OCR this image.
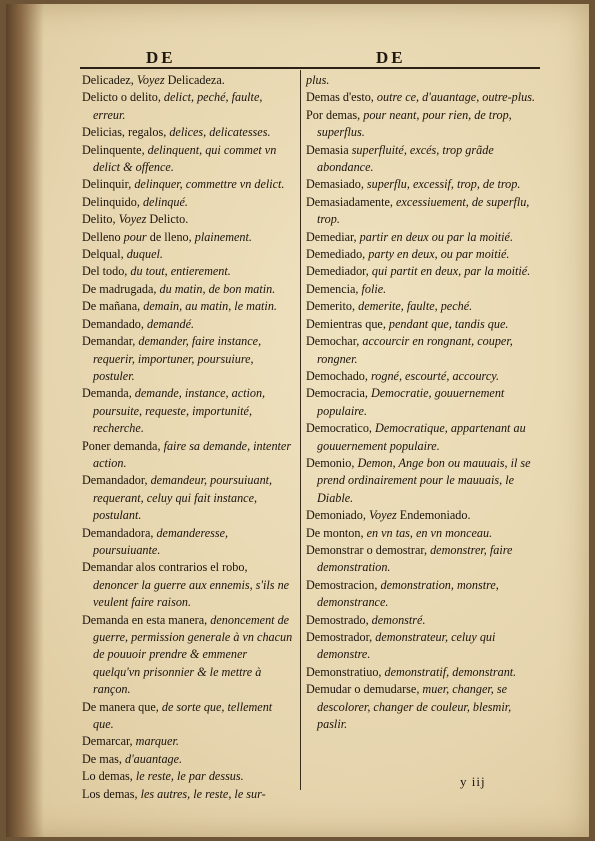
DE	DE

Delicadez, Voyez Delicadeza.

Delicto o delito, delict, peché, faulte, erreur.

Delicias, regalos, delices, delicatesses.

Delinquente, delinquent, qui commet vn delict & offence.

Delinquir, delinquer, commettre vn delict.

Delinquido, delinqué.

Delito, Voyez Delicto.

Delleno pour de lleno, plainement.

Delqual, duquel.

Del todo, du tout, entierement.

De madrugada, du matin, de bon matin.

De mañana, demain, au matin, le matin.

Demandado, demandé.

Demandar, demander, faire instance, requerir, importuner, poursuiure, postuler.

Demanda, demande, instance, action, poursuite, requeste, importunité, recherche.

Poner demanda, faire sa demande, intenter action.

Demandador, demandeur, poursuiuant, requerant, celuy qui fait instance, postulant.

Demandadora, demanderesse, poursuiuante.

Demandar alos contrarios el robo, denoncer la guerre aux ennemis, s'ils ne veulent faire raison.

Demanda en esta manera, denoncement de guerre, permission generale à vn chacun de pouuoir prendre & emmener quelqu'vn prisonnier & le mettre à rançon.

De manera que, de sorte que, tellement que.

Demarcar, marquer.

De mas, d'auantage.

Lo demas, le reste, le par dessus.

Los demas, les autres, le reste, le sur-

plus.

Demas d'esto, outre ce, d'auantage, outre-plus.

Por demas, pour neant, pour rien, de trop, superflus.

Demasia superfluité, excés, trop grãde abondance.

Demasiado, superflu, excessif, trop, de trop.

Demasiadamente, excessiuement, de superflu, trop.

Demediar, partir en deux ou par la moitié.

Demediado, party en deux, ou par moitié.

Demediador, qui partit en deux, par la moitié.

Demencia, folie.

Demerito, demerite, faulte, peché.

Demientras que, pendant que, tandis que.

Demochar, accourcir en rongnant, couper, rongner.

Demochado, rogné, escourté, accourcy.

Democracia, Democratie, gouuernement populaire.

Democratico, Democratique, appartenant au gouuernement populaire.

Demonio, Demon, Ange bon ou mauuais, il se prend ordinairement pour le mauuais, le Diable.

Demoniado, Voyez Endemoniado.

De monton, en vn tas, en vn monceau.

Demonstrar o demostrar, demonstrer, faire demonstration.

Demostracion, demonstration, monstre, demonstrance.

Demostrado, demonstré.

Demostrador, demonstrateur, celuy qui demonstre.

Demonstratiuo, demonstratif, demonstrant.

Demudar o demudarse, muer, changer, se descolorer, changer de couleur, blesmir, paslir.

y iij
